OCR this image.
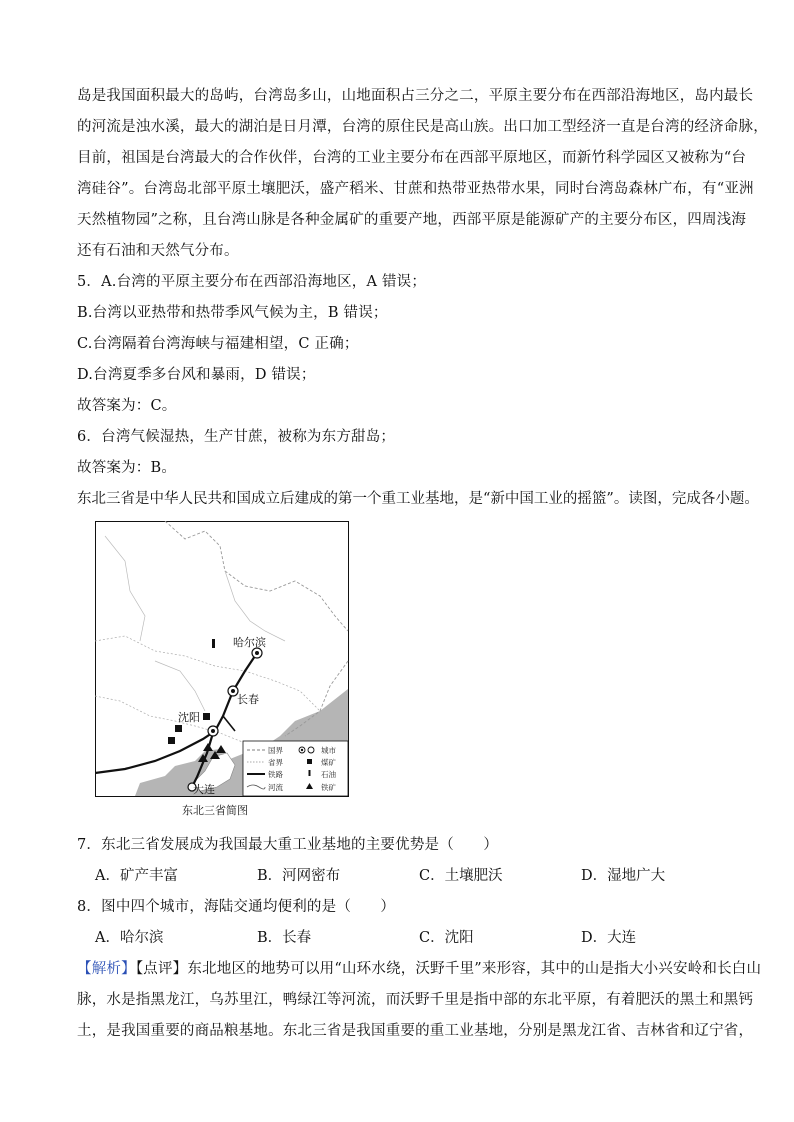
岛是我国面积最大的岛屿，台湾岛多山，山地面积占三分之二，平原主要分布在西部沿海地区，岛内最长
的河流是浊水溪，最大的湖泊是日月潭，台湾的原住民是高山族。出口加工型经济一直是台湾的经济命脉，
目前，祖国是台湾最大的合作伙伴，台湾的工业主要分布在西部平原地区，而新竹科学园区又被称为“台
湾硅谷”。台湾岛北部平原土壤肥沃，盛产稻米、甘蔗和热带亚热带水果，同时台湾岛森林广布，有“亚洲
天然植物园”之称，且台湾山脉是各种金属矿的重要产地，西部平原是能源矿产的主要分布区，四周浅海
还有石油和天然气分布。
5．A.台湾的平原主要分布在西部沿海地区，A 错误；
B.台湾以亚热带和热带季风气候为主，B 错误；
C.台湾隔着台湾海峡与福建相望，C 正确；
D.台湾夏季多台风和暴雨，D 错误；
故答案为：C。
6．台湾气候湿热，生产甘蔗，被称为东方甜岛；
故答案为：B。
东北三省是中华人民共和国成立后建成的第一个重工业基地，是“新中国工业的摇篮”。读图，完成各小题。
哈尔滨
长春
沈阳
大连
国界
省界
铁路
河流
城市
煤矿
石油
铁矿
东北三省简图
7．东北三省发展成为我国最大重工业基地的主要优势是（　　）
A．矿产丰富	B．河网密布	C．土壤肥沃	D．湿地广大
8．图中四个城市，海陆交通均便利的是（　　）
A．哈尔滨	B．长春	C．沈阳	D．大连
【解析】【点评】东北地区的地势可以用“山环水绕，沃野千里”来形容，其中的山是指大小兴安岭和长白山
脉，水是指黑龙江，乌苏里江，鸭绿江等河流，而沃野千里是指中部的东北平原，有着肥沃的黑土和黑钙
土，是我国重要的商品粮基地。东北三省是我国重要的重工业基地，分别是黑龙江省、吉林省和辽宁省，
